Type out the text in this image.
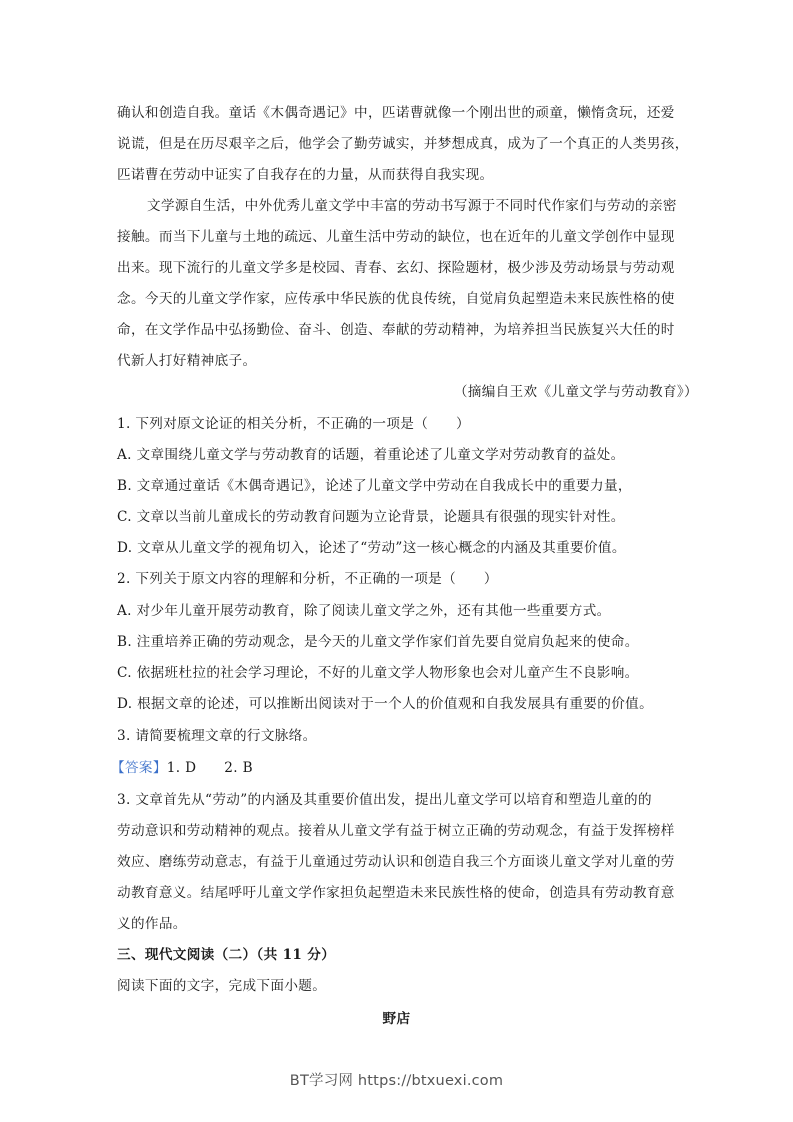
确认和创造自我。童话《木偶奇遇记》中，匹诺曹就像一个刚出世的顽童，懒惰贪玩，还爱
说谎，但是在历尽艰辛之后，他学会了勤劳诚实，并梦想成真，成为了一个真正的人类男孩，
匹诺曹在劳动中证实了自我存在的力量，从而获得自我实现。
文学源自生活，中外优秀儿童文学中丰富的劳动书写源于不同时代作家们与劳动的亲密
接触。而当下儿童与土地的疏远、儿童生活中劳动的缺位，也在近年的儿童文学创作中显现
出来。现下流行的儿童文学多是校园、青春、玄幻、探险题材，极少涉及劳动场景与劳动观
念。今天的儿童文学作家，应传承中华民族的优良传统，自觉肩负起塑造未来民族性格的使
命，在文学作品中弘扬勤俭、奋斗、创造、奉献的劳动精神，为培养担当民族复兴大任的时
代新人打好精神底子。
（摘编自王欢《儿童文学与劳动教育》）
1. 下列对原文论证的相关分析，不正确的一项是（　　）
A. 文章围绕儿童文学与劳动教育的话题，着重论述了儿童文学对劳动教育的益处。
B. 文章通过童话《木偶奇遇记》，论述了儿童文学中劳动在自我成长中的重要力量，
C. 文章以当前儿童成长的劳动教育问题为立论背景，论题具有很强的现实针对性。
D. 文章从儿童文学的视角切入，论述了“劳动”这一核心概念的内涵及其重要价值。
2. 下列关于原文内容的理解和分析，不正确的一项是（　　）
A. 对少年儿童开展劳动教育，除了阅读儿童文学之外，还有其他一些重要方式。
B. 注重培养正确的劳动观念，是今天的儿童文学作家们首先要自觉肩负起来的使命。
C. 依据班杜拉的社会学习理论，不好的儿童文学人物形象也会对儿童产生不良影响。
D. 根据文章的论述，可以推断出阅读对于一个人的价值观和自我发展具有重要的价值。
3. 请简要梳理文章的行文脉络。
【答案】1. D　　2. B
3. 文章首先从“劳动”的内涵及其重要价值出发，提出儿童文学可以培育和塑造儿童的的
劳动意识和劳动精神的观点。接着从儿童文学有益于树立正确的劳动观念，有益于发挥榜样
效应、磨练劳动意志，有益于儿童通过劳动认识和创造自我三个方面谈儿童文学对儿童的劳
动教育意义。结尾呼吁儿童文学作家担负起塑造未来民族性格的使命，创造具有劳动教育意
义的作品。
三、现代文阅读（二）（共 11 分）
阅读下面的文字，完成下面小题。
野店
BT学习网 https://btxuexi.com
